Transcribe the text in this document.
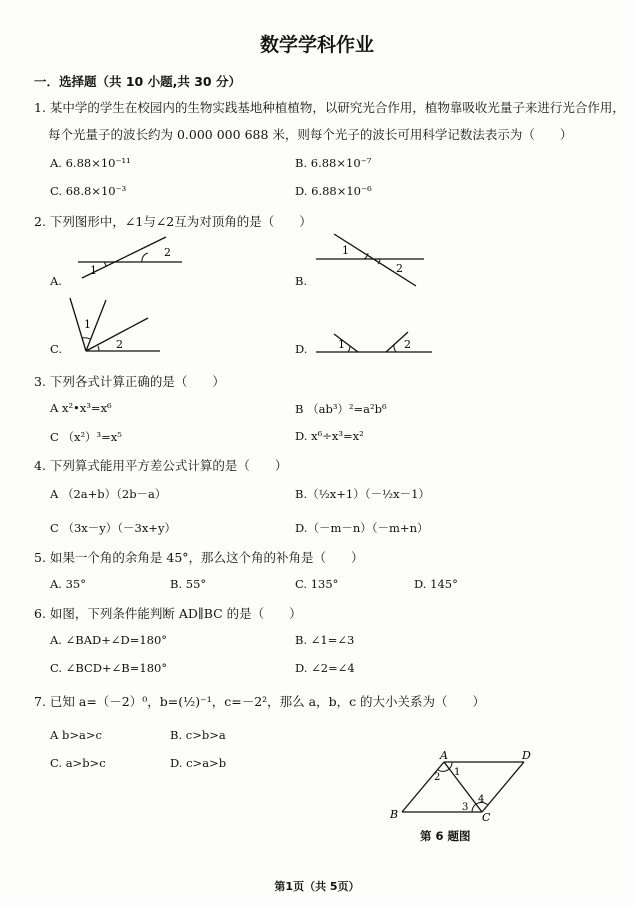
数学学科作业
一．选择题（共 10 小题,共 30 分）
1. 某中学的学生在校园内的生物实践基地种植植物，以研究光合作用，植物靠吸收光量子来进行光合作用，
每个光量子的波长约为 0.000 000 688 米，则每个光子的波长可用科学记数法表示为（　　）
A. 6.88×10⁻¹¹	B. 6.88×10⁻⁷
C. 68.8×10⁻³	D. 6.88×10⁻⁶
2. 下列图形中，∠1与∠2互为对顶角的是（　　）
A.	B.
C.	D.
1
2	1
2
1
2	1	2
3. 下列各式计算正确的是（　　）
A x²•x³=x⁶	B （ab³）²=a²b⁶
C （x²）³=x⁵	D. x⁶÷x³=x²
4. 下列算式能用平方差公式计算的是（　　）
A （2a+b）（2b－a）	B.（½x+1）（－½x－1）
C （3x－y）（－3x+y）	D.（－m－n）（－m+n）
5. 如果一个角的余角是 45°，那么这个角的补角是（　　）
A. 35°	B. 55°	C. 135°	D. 145°
6. 如图，下列条件能判断 AD∥BC 的是（　　）
A. ∠BAD+∠D=180°	B. ∠1=∠3
C. ∠BCD+∠B=180°	D. ∠2=∠4
7. 已知 a=（－2）⁰，b=(½)⁻¹，c=－2²，那么 a，b，c 的大小关系为（　　）
A b>a>c	B. c>b>a
C. a>b>c	D. c>a>b
A	D
B	C
1
2
3
4
第 6 题图
第1页（共 5页）
